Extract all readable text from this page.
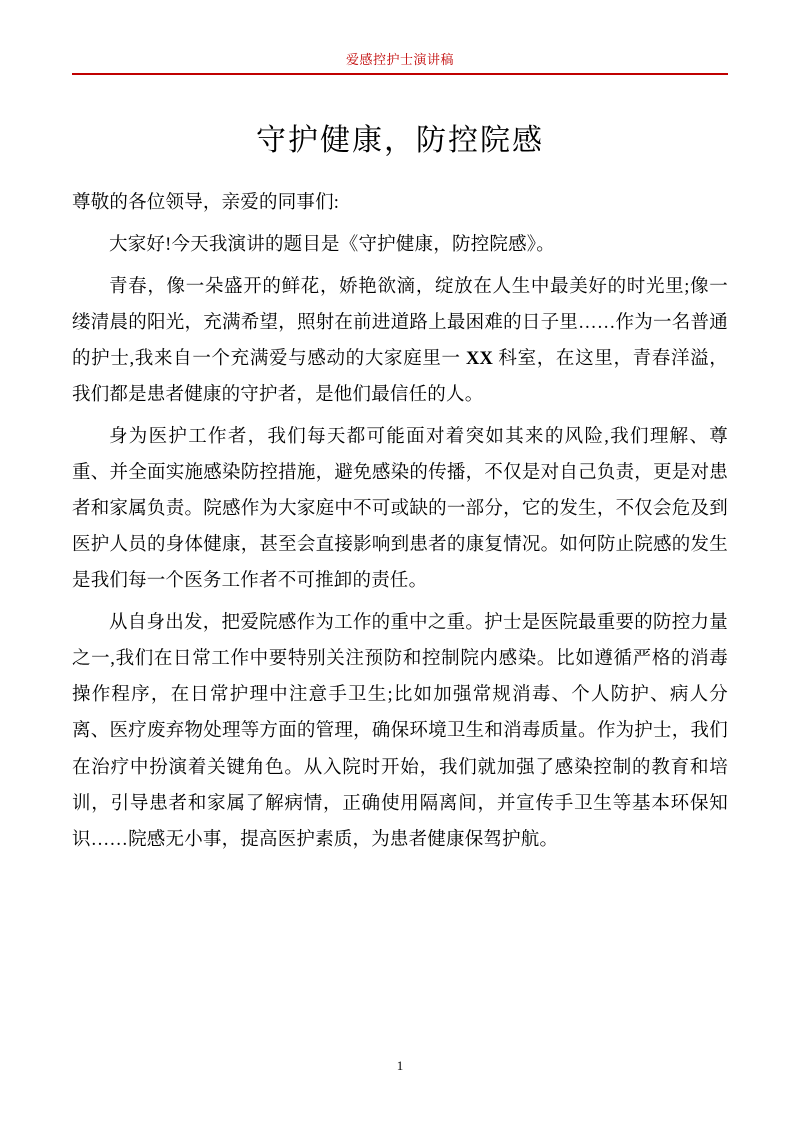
爱感控护士演讲稿
守护健康，防控院感

尊敬的各位领导，亲爱的同事们:

大家好!今天我演讲的题目是《守护健康，防控院感》。

青春，像一朵盛开的鲜花，娇艳欲滴，绽放在人生中最美好的时光里;像一缕清晨的阳光，充满希望，照射在前进道路上最困难的日子里……作为一名普通的护士,我来自一个充满爱与感动的大家庭里一 XX 科室，在这里，青春洋溢，我们都是患者健康的守护者，是他们最信任的人。

身为医护工作者，我们每天都可能面对着突如其来的风险,我们理解、尊重、并全面实施感染防控措施，避免感染的传播，不仅是对自己负责，更是对患者和家属负责。院感作为大家庭中不可或缺的一部分，它的发生，不仅会危及到医护人员的身体健康，甚至会直接影响到患者的康复情况。如何防止院感的发生是我们每一个医务工作者不可推卸的责任。

从自身出发，把爱院感作为工作的重中之重。护士是医院最重要的防控力量之一,我们在日常工作中要特别关注预防和控制院内感染。比如遵循严格的消毒操作程序，在日常护理中注意手卫生;比如加强常规消毒、个人防护、病人分离、医疗废弃物处理等方面的管理，确保环境卫生和消毒质量。作为护士，我们在治疗中扮演着关键角色。从入院时开始，我们就加强了感染控制的教育和培训，引导患者和家属了解病情，正确使用隔离间，并宣传手卫生等基本环保知识……院感无小事，提高医护素质，为患者健康保驾护航。

1
